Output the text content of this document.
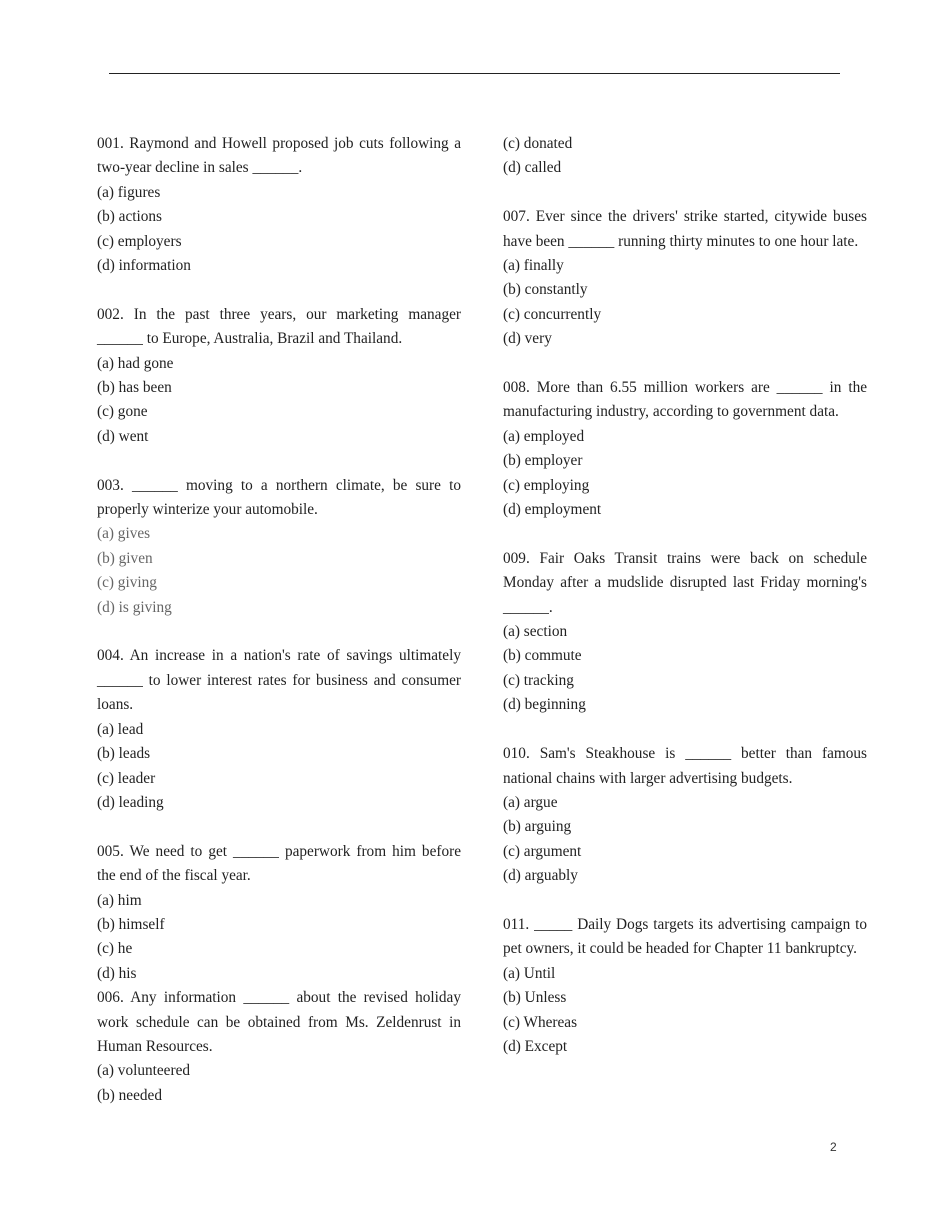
001. Raymond and Howell proposed job cuts following a two-year decline in sales ______.

(a) figures

(b) actions

(c) employers

(d) information

002. In the past three years, our marketing manager ______ to Europe, Australia, Brazil and Thailand.

(a) had gone

(b) has been

(c) gone

(d) went

003. ______ moving to a northern climate, be sure to properly winterize your automobile.

(a) gives

(b) given

(c) giving

(d) is giving

004. An increase in a nation's rate of savings ultimately ______ to lower interest rates for business and consumer loans.

(a) lead

(b) leads

(c) leader

(d) leading

005. We need to get ______ paperwork from him before the end of the fiscal year.

(a) him

(b) himself

(c) he

(d) his

006. Any information ______ about the revised holiday work schedule can be obtained from Ms. Zeldenrust in Human Resources.

(a) volunteered

(b) needed

(c) donated

(d) called

007. Ever since the drivers' strike started, citywide buses have been ______ running thirty minutes to one hour late.

(a) finally

(b) constantly

(c) concurrently

(d) very

008. More than 6.55 million workers are ______ in the manufacturing industry, according to government data.

(a) employed

(b) employer

(c) employing

(d) employment

009. Fair Oaks Transit trains were back on schedule Monday after a mudslide disrupted last Friday morning's ______.

(a) section

(b) commute

(c) tracking

(d) beginning

010. Sam's Steakhouse is ______ better than famous national chains with larger advertising budgets.

(a) argue

(b) arguing

(c) argument

(d) arguably

011. _____ Daily Dogs targets its advertising campaign to pet owners, it could be headed for Chapter 11 bankruptcy.

(a) Until

(b) Unless

(c) Whereas

(d) Except

2
